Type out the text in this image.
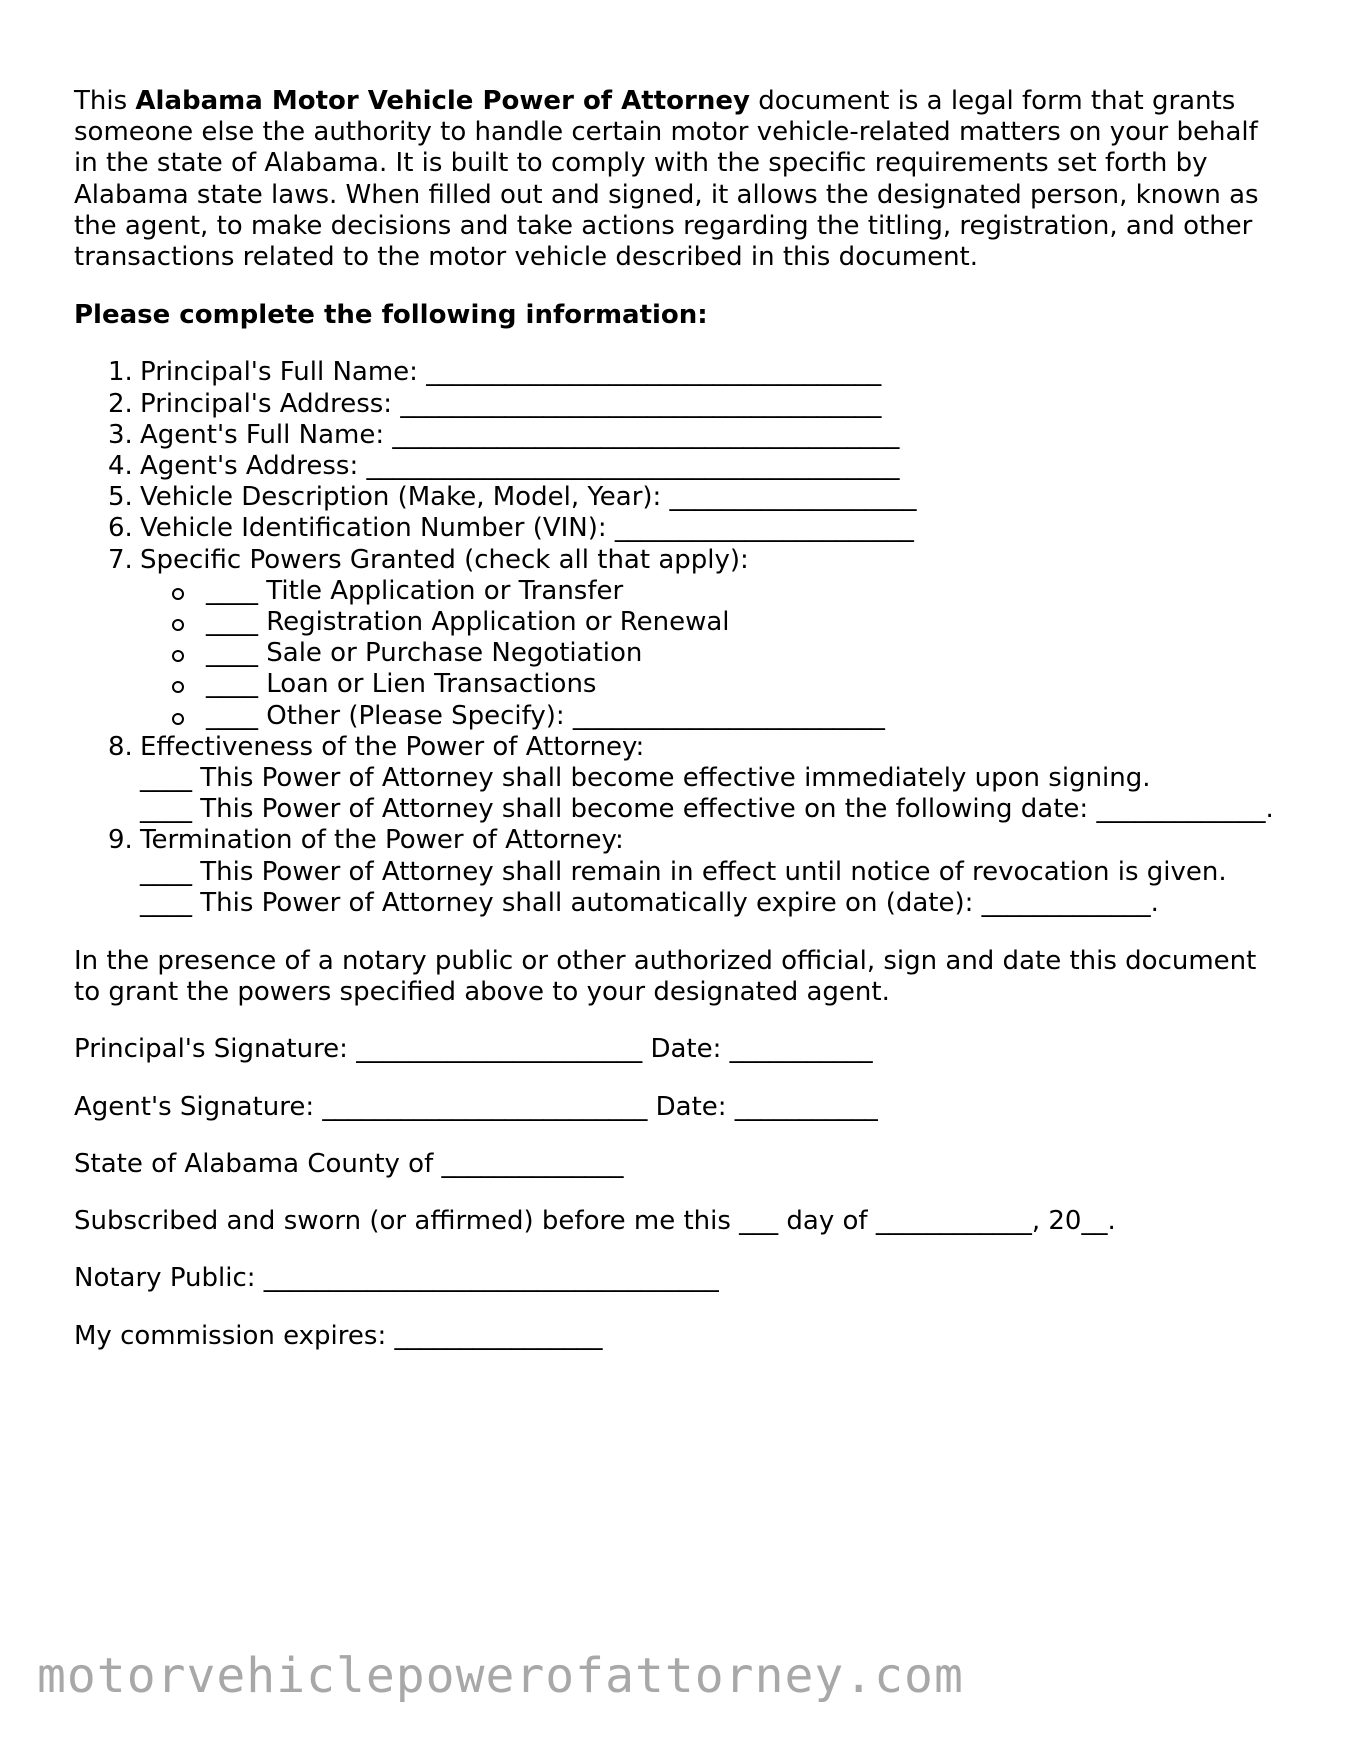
This Alabama Motor Vehicle Power of Attorney document is a legal form that grants someone else the authority to handle certain motor vehicle-related matters on your behalf in the state of Alabama. It is built to comply with the specific requirements set forth by Alabama state laws. When filled out and signed, it allows the designated person, known as the agent, to make decisions and take actions regarding the titling, registration, and other transactions related to the motor vehicle described in this document.

Please complete the following information:

1. Principal's Full Name: ___________________________________
2. Principal's Address: _____________________________________
3. Agent's Full Name: _______________________________________
4. Agent's Address: _________________________________________
5. Vehicle Description (Make, Model, Year): ___________________
6. Vehicle Identification Number (VIN): _______________________
7. Specific Powers Granted (check all that apply):
____ Title Application or Transfer
____ Registration Application or Renewal
____ Sale or Purchase Negotiation
____ Loan or Lien Transactions
____ Other (Please Specify): ________________________
8. Effectiveness of the Power of Attorney:
____ This Power of Attorney shall become effective immediately upon signing.
____ This Power of Attorney shall become effective on the following date: _____________.
9. Termination of the Power of Attorney:
____ This Power of Attorney shall remain in effect until notice of revocation is given.
____ This Power of Attorney shall automatically expire on (date): _____________.

In the presence of a notary public or other authorized official, sign and date this document to grant the powers specified above to your designated agent.

Principal's Signature: ______________________ Date: ___________

Agent's Signature: _________________________ Date: ___________

State of Alabama County of ______________

Subscribed and sworn (or affirmed) before me this ___ day of ____________, 20__.

Notary Public: ___________________________________

My commission expires: ________________

motorvehiclepowerofattorney.com
